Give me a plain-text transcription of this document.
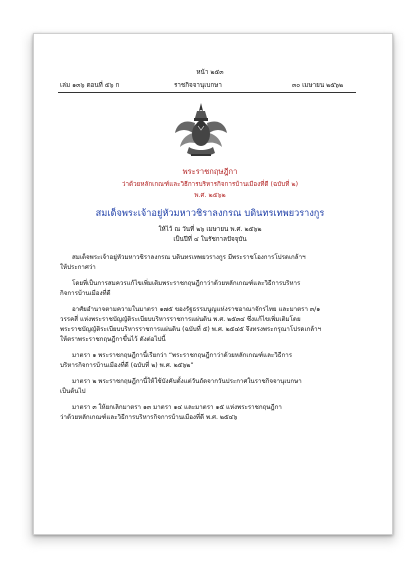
หน้า ๒๕๓
เล่ม ๑๓๖ ตอนที่ ๕๖ ก	ราชกิจจานุเบกษา	๓๐ เมษายน ๒๕๖๒
พระราชกฤษฎีกา
ว่าด้วยหลักเกณฑ์และวิธีการบริหารกิจการบ้านเมืองที่ดี (ฉบับที่ ๒)
พ.ศ. ๒๕๖๒
สมเด็จพระเจ้าอยู่หัวมหาวชิราลงกรณ บดินทรเทพยวรางกูร
ให้ไว้ ณ วันที่ ๒๖ เมษายน พ.ศ. ๒๕๖๒
เป็นปีที่ ๔ ในรัชกาลปัจจุบัน
สมเด็จพระเจ้าอยู่หัวมหาวชิราลงกรณ บดินทรเทพยวรางกูร มีพระราชโองการโปรดเกล้าฯ
ให้ประกาศว่า
โดยที่เป็นการสมควรแก้ไขเพิ่มเติมพระราชกฤษฎีกาว่าด้วยหลักเกณฑ์และวิธีการบริหาร
กิจการบ้านเมืองที่ดี
อาศัยอำนาจตามความในมาตรา ๑๗๕ ของรัฐธรรมนูญแห่งราชอาณาจักรไทย และมาตรา ๓/๑
วรรคสี่ แห่งพระราชบัญญัติระเบียบบริหารราชการแผ่นดิน พ.ศ. ๒๕๓๔ ซึ่งแก้ไขเพิ่มเติมโดย
พระราชบัญญัติระเบียบบริหารราชการแผ่นดิน (ฉบับที่ ๕) พ.ศ. ๒๕๔๕ จึงทรงพระกรุณาโปรดเกล้าฯ
ให้ตราพระราชกฤษฎีกาขึ้นไว้ ดังต่อไปนี้
มาตรา ๑ พระราชกฤษฎีกานี้เรียกว่า “พระราชกฤษฎีกาว่าด้วยหลักเกณฑ์และวิธีการ
บริหารกิจการบ้านเมืองที่ดี (ฉบับที่ ๒) พ.ศ. ๒๕๖๒”
มาตรา ๒ พระราชกฤษฎีกานี้ให้ใช้บังคับตั้งแต่วันถัดจากวันประกาศในราชกิจจานุเบกษา
เป็นต้นไป
มาตรา ๓ ให้ยกเลิกมาตรา ๑๓ มาตรา ๑๔ และมาตรา ๑๕ แห่งพระราชกฤษฎีกา
ว่าด้วยหลักเกณฑ์และวิธีการบริหารกิจการบ้านเมืองที่ดี พ.ศ. ๒๕๔๖
